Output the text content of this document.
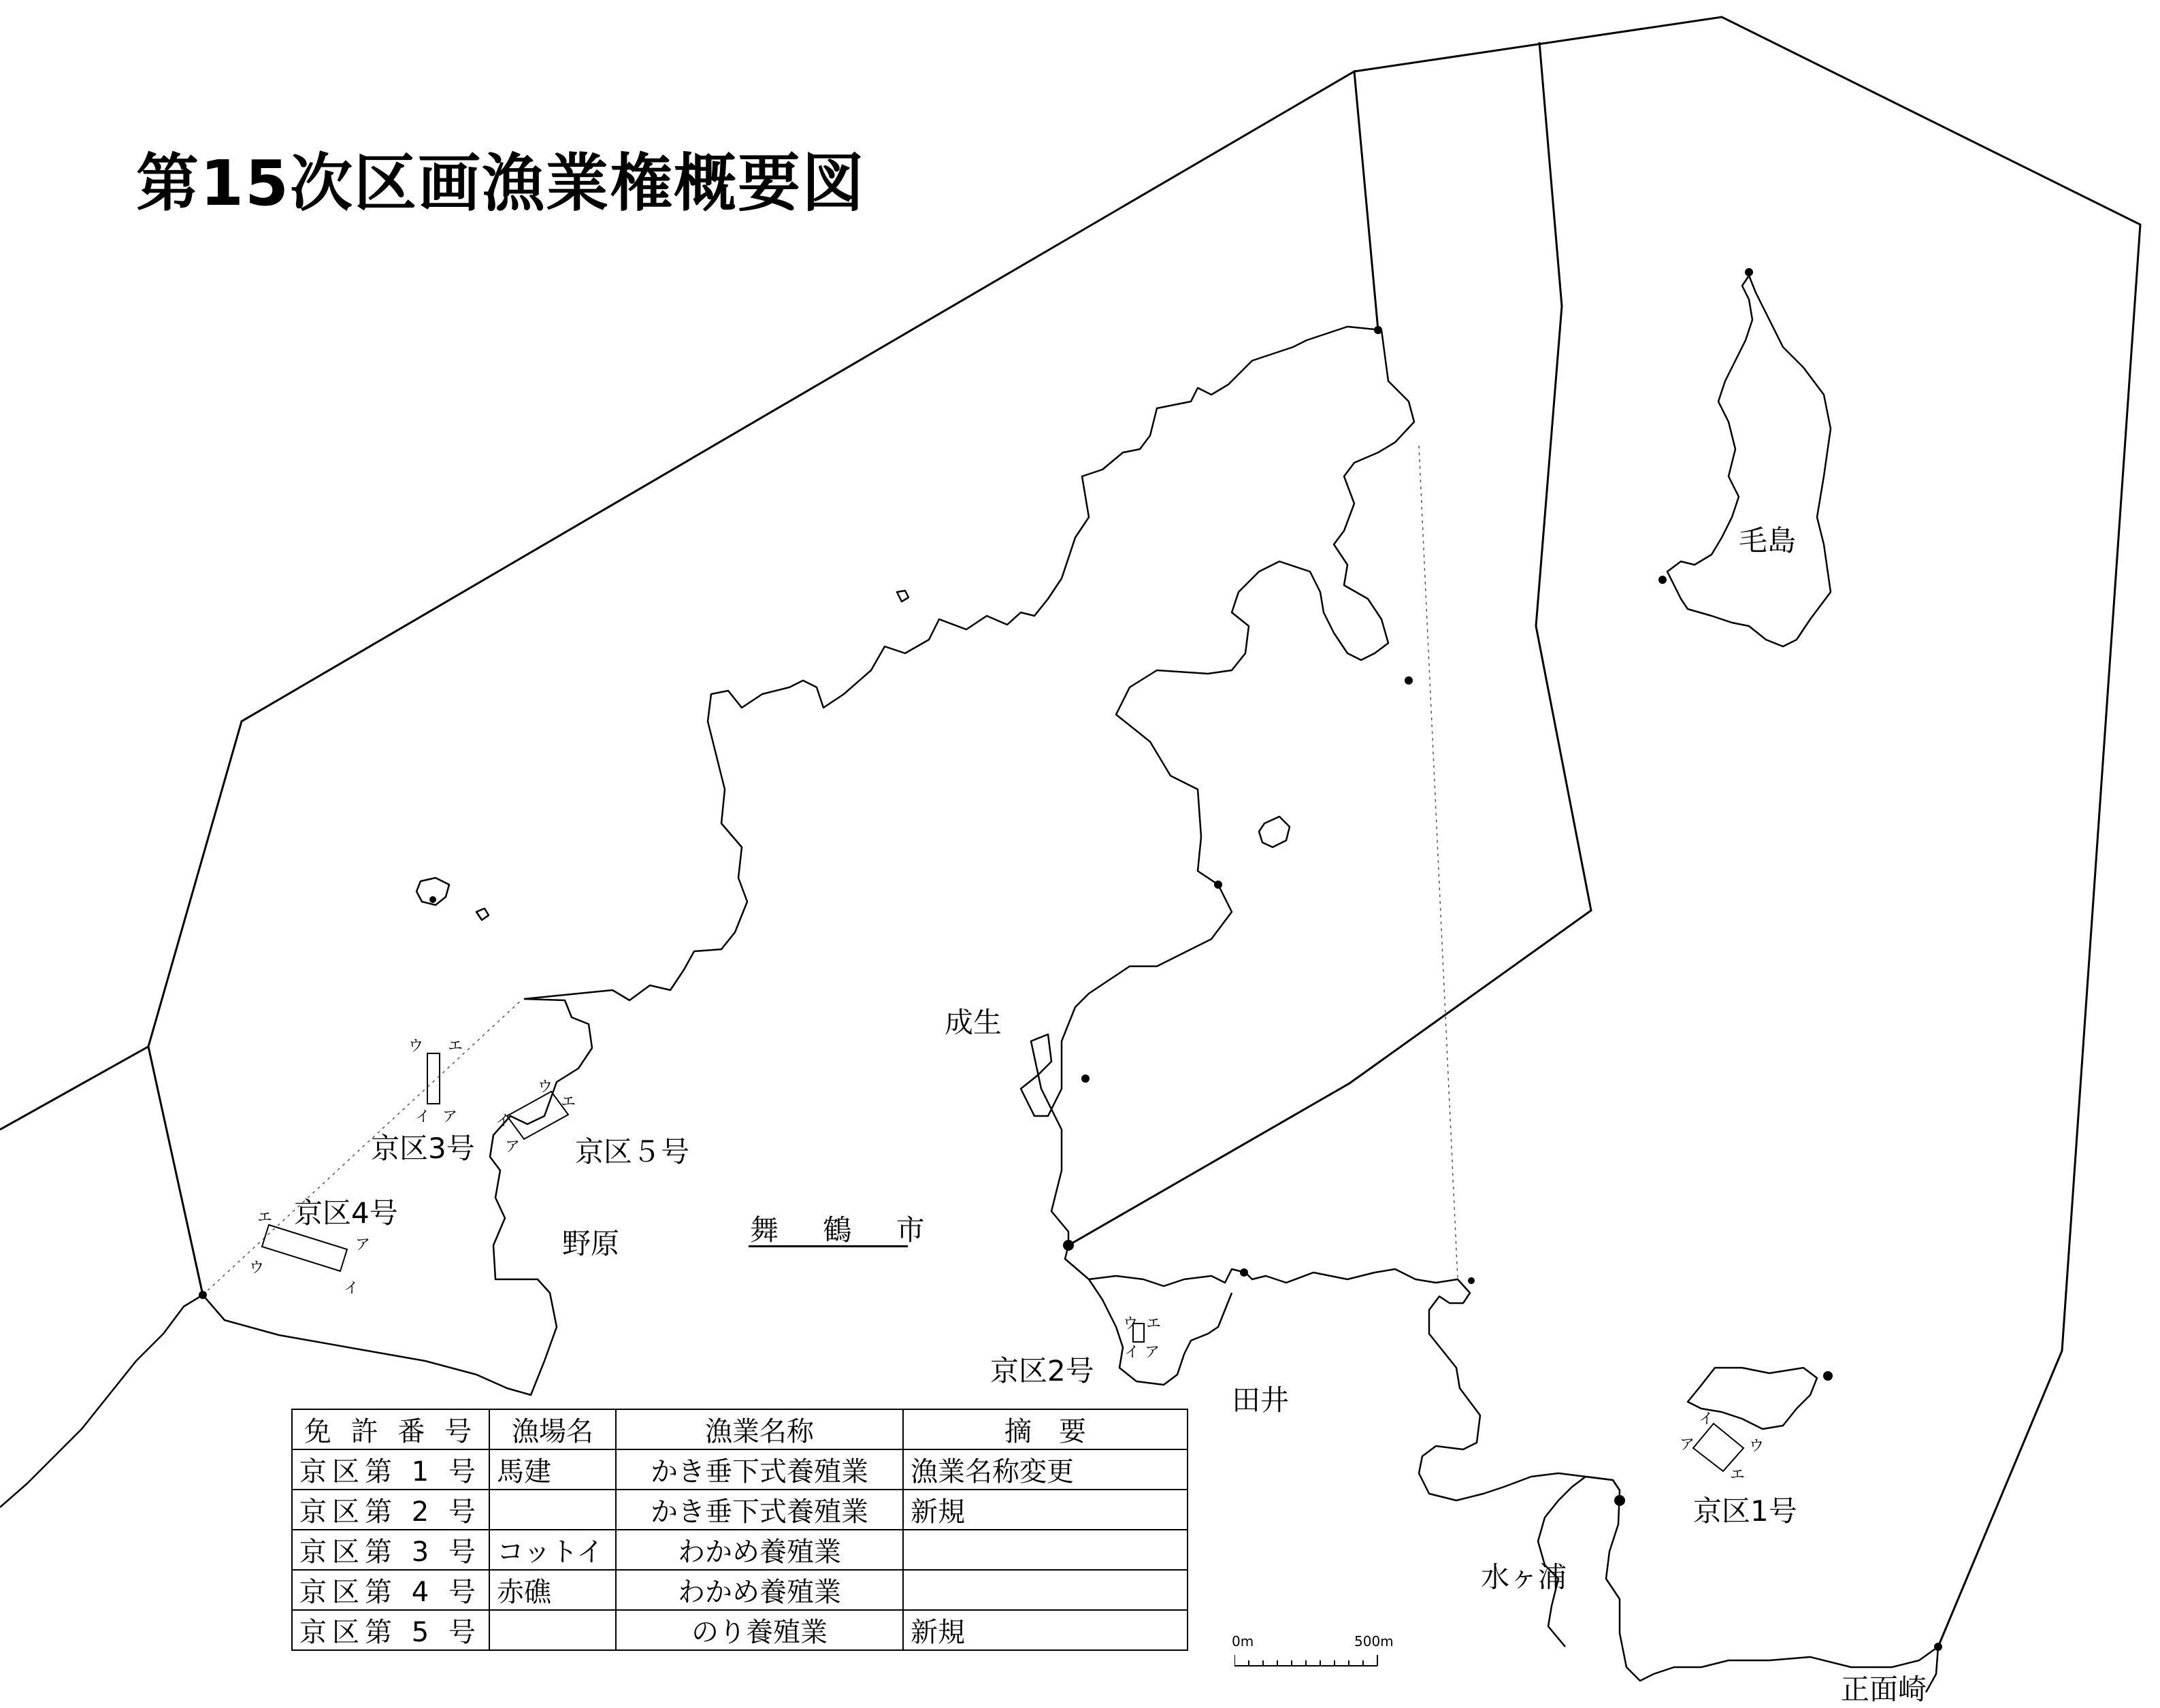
第15次区画漁業権概要図
毛島
成生
野原	舞 鶴 市
田井
水ヶ浦
正面崎
京区1号
京区2号
京区3号
京区4号
京区５号
ア
イ
ウ
エ
ウ エ
イ ア
ウ エ
イ ア
エ
ア
ウ
イ
ウ
エ
イ
ア
免 許 番 号	漁場名	漁業名称	摘　要
京区第 1 号	馬建	かき垂下式養殖業	漁業名称変更
京区第 2 号		かき垂下式養殖業	新規
京区第 3 号	コットイ	わかめ養殖業	
京区第 4 号	赤礁	わかめ養殖業	
京区第 5 号		のり養殖業	新規	0m	500m
